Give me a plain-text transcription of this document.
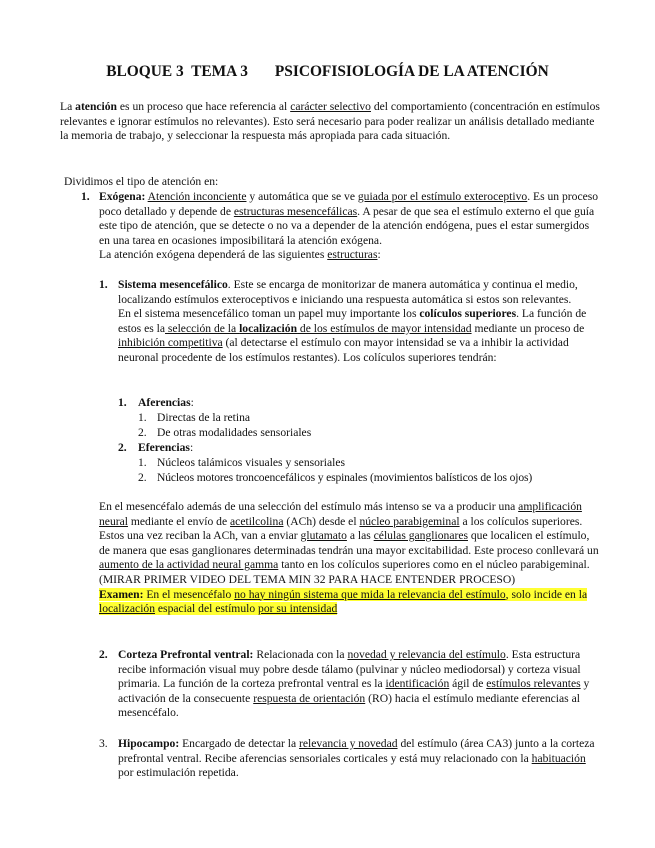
BLOQUE 3  TEMA 3       PSICOFISIOLOGÍA DE LA ATENCIÓN

La atención es un proceso que hace referencia al carácter selectivo del comportamiento (concentración en estímulos relevantes e ignorar estímulos no relevantes). Esto será necesario para poder realizar un análisis detallado mediante la memoria de trabajo, y seleccionar la respuesta más apropiada para cada situación.

Dividimos el tipo de atención en:
1. Exógena: Atención inconciente y automática que se ve guiada por el estímulo exteroceptivo. Es un proceso poco detallado y depende de estructuras mesencefálicas. A pesar de que sea el estímulo externo el que guía este tipo de atención, que se detecte o no va a depender de la atención endógena, pues el estar sumergidos en una tarea en ocasiones imposibilitará la atención exógena.

La atención exógena dependerá de las siguientes estructuras:

1. Sistema mesencefálico. Este se encarga de monitorizar de manera automática y continua el medio, localizando estímulos exteroceptivos e iniciando una respuesta automática si estos son relevantes.

En el sistema mesencefálico toman un papel muy importante los colículos superiores. La función de estos es la selección de la localización de los estímulos de mayor intensidad mediante un proceso de inhibición competitiva (al detectarse el estímulo con mayor intensidad se va a inhibir la actividad neuronal procedente de los estímulos restantes). Los colículos superiores tendrán:

1. Aferencias:
1. Directas de la retina
2. De otras modalidades sensoriales
2. Eferencias:
1. Núcleos talámicos visuales y sensoriales
2. Núcleos motores troncoencefálicos y espinales (movimientos balísticos de los ojos)

En el mesencéfalo además de una selección del estímulo más intenso se va a producir una amplificación neural mediante el envío de acetilcolina (ACh) desde el núcleo parabigeminal a los colículos superiores. Estos una vez reciban la ACh, van a enviar glutamato a las células ganglionares que localicen el estímulo, de manera que esas ganglionares determinadas tendrán una mayor excitabilidad. Este proceso conllevará un aumento de la actividad neural gamma tanto en los colículos superiores como en el núcleo parabigeminal.

(MIRAR PRIMER VIDEO DEL TEMA MIN 32 PARA HACE ENTENDER PROCESO)

Examen: En el mesencéfalo no hay ningún sistema que mida la relevancia del estímulo, solo incide en la localización espacial del estímulo por su intensidad

2. Corteza Prefrontal ventral: Relacionada con la novedad y relevancia del estímulo. Esta estructura recibe información visual muy pobre desde tálamo (pulvinar y núcleo mediodorsal) y corteza visual primaria. La función de la corteza prefrontal ventral es la identificación ágil de estímulos relevantes y activación de la consecuente respuesta de orientación (RO) hacia el estímulo mediante eferencias al mesencéfalo.

3. Hipocampo: Encargado de detectar la relevancia y novedad del estímulo (área CA3) junto a la corteza prefrontal ventral. Recibe aferencias sensoriales corticales y está muy relacionado con la habituación por estimulación repetida.
